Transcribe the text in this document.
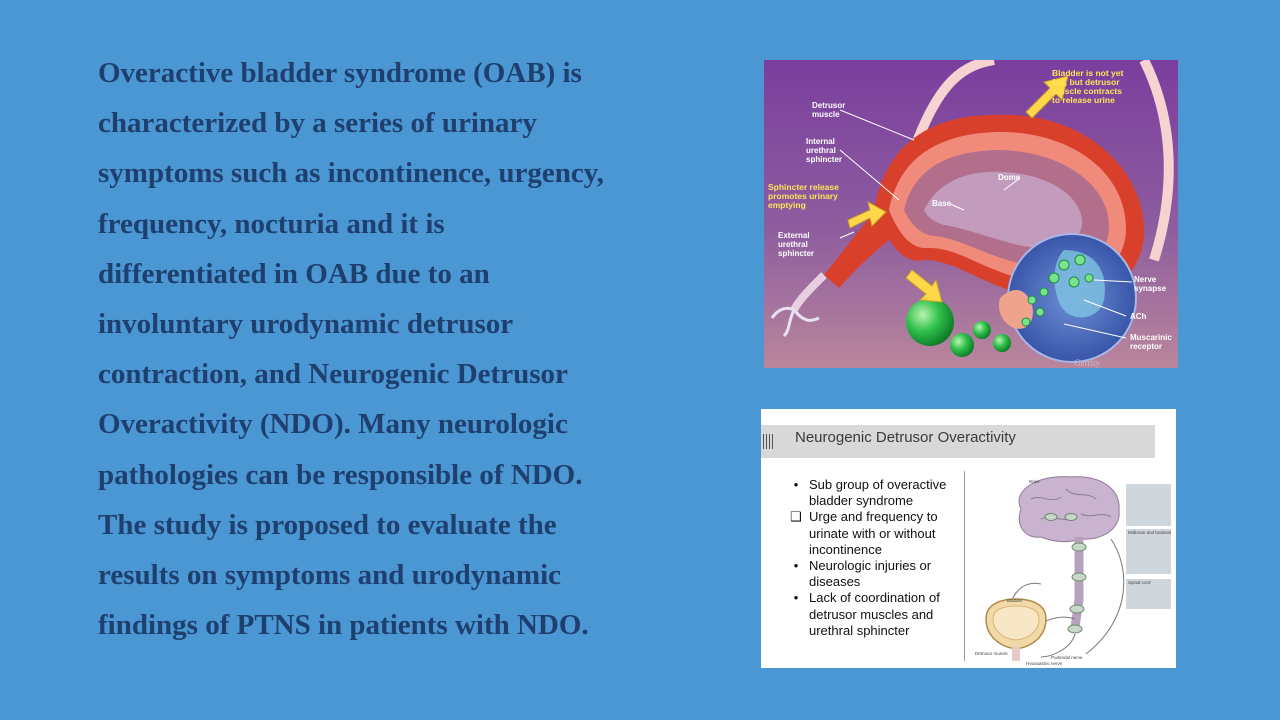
Overactive bladder syndrome (OAB) is
characterized by a series of urinary
symptoms such as incontinence, urgency,
frequency, nocturia and it is
differentiated in OAB due to an
involuntary urodynamic detrusor
contraction, and Neurogenic Detrusor
Overactivity (NDO). Many neurologic
pathologies can be responsible of NDO.
The study is proposed to evaluate the
results on symptoms and urodynamic
findings of PTNS in patients with NDO.
Detrusor
muscle
Internal
urethral
sphincter
External
urethral
sphincter
Dome
Base
Nerve
synapse
ACh
Muscarinic
receptor
Bladder is not yet
full, but detrusor
muscle contracts
to release urine
Sphincter release
promotes urinary
emptying
Gerrity
Neurogenic Detrusor Overactivity
• Sub group of overactive bladder syndrome
❑ Urge and frequency to urinate with or without incontinence
• Neurologic injuries or diseases
• Lack of coordination of detrusor muscles and urethral sphincter
Brain
Midbrain and brainstem
Spinal cord
Bladder
Detrusor muscle
Pudendal nerve
Hypogastric nerve
